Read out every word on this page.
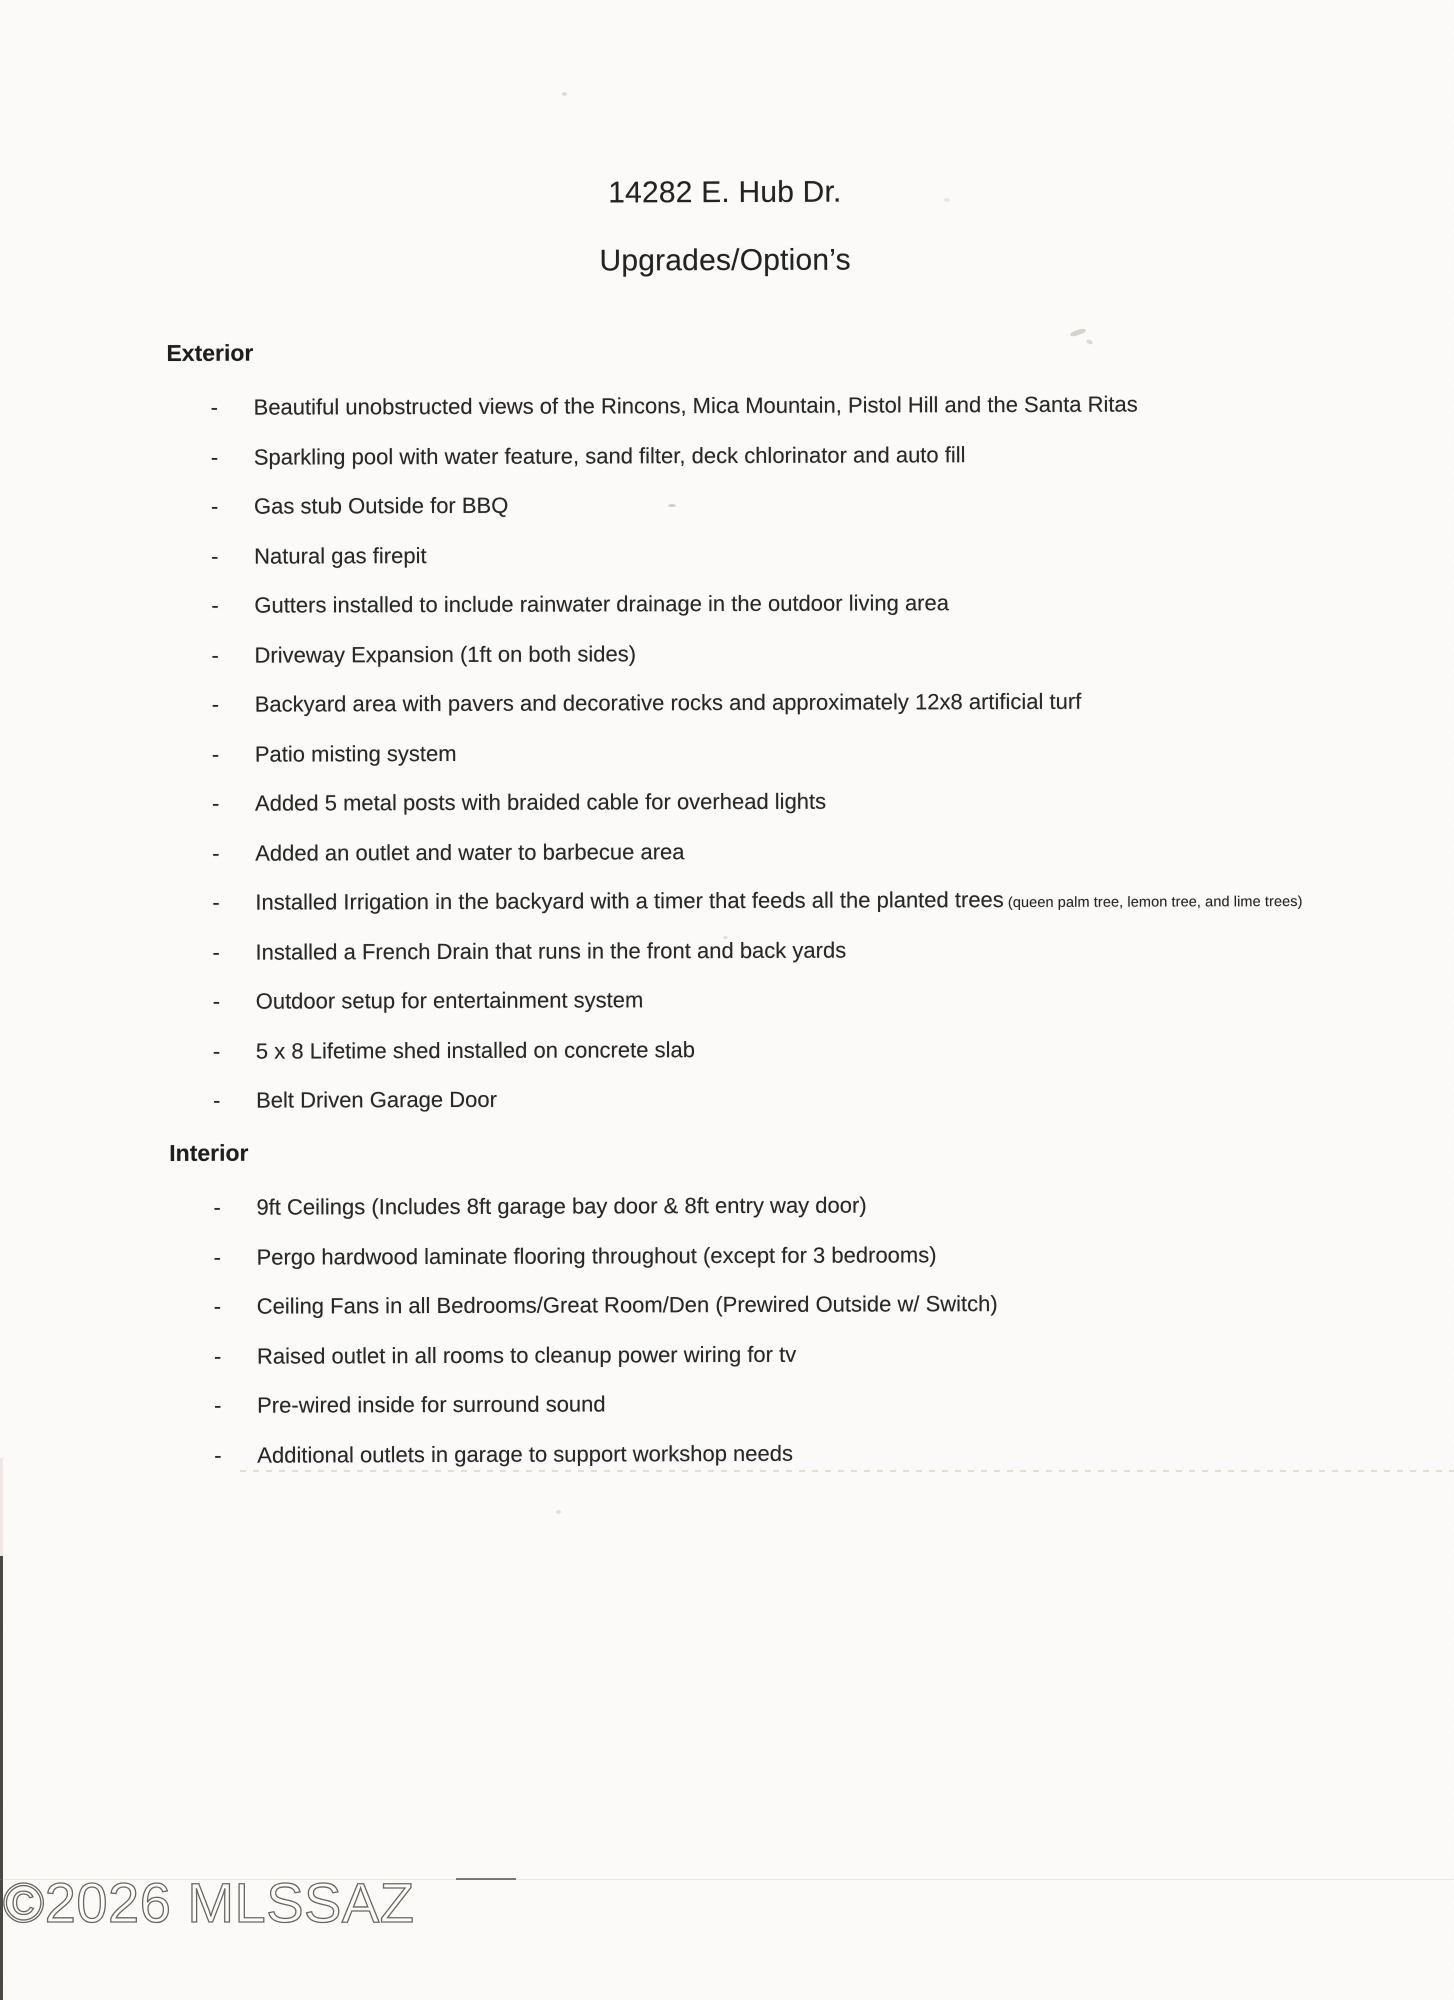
14282 E. Hub Dr.
Upgrades/Option’s
Exterior
- Beautiful unobstructed views of the Rincons, Mica Mountain, Pistol Hill and the Santa Ritas
- Sparkling pool with water feature, sand filter, deck chlorinator and auto fill
- Gas stub Outside for BBQ
- Natural gas firepit
- Gutters installed to include rainwater drainage in the outdoor living area
- Driveway Expansion (1ft on both sides)
- Backyard area with pavers and decorative rocks and approximately 12x8 artificial turf
- Patio misting system
- Added 5 metal posts with braided cable for overhead lights
- Added an outlet and water to barbecue area
- Installed Irrigation in the backyard with a timer that feeds all the planted trees (queen palm tree, lemon tree, and lime trees)
- Installed a French Drain that runs in the front and back yards
- Outdoor setup for entertainment system
- 5 x 8 Lifetime shed installed on concrete slab
- Belt Driven Garage Door
Interior
- 9ft Ceilings (Includes 8ft garage bay door & 8ft entry way door)
- Pergo hardwood laminate flooring throughout (except for 3 bedrooms)
- Ceiling Fans in all Bedrooms/Great Room/Den (Prewired Outside w/ Switch)
- Raised outlet in all rooms to cleanup power wiring for tv
- Pre-wired inside for surround sound
- Additional outlets in garage to support workshop needs
©2026 MLSSAZ
